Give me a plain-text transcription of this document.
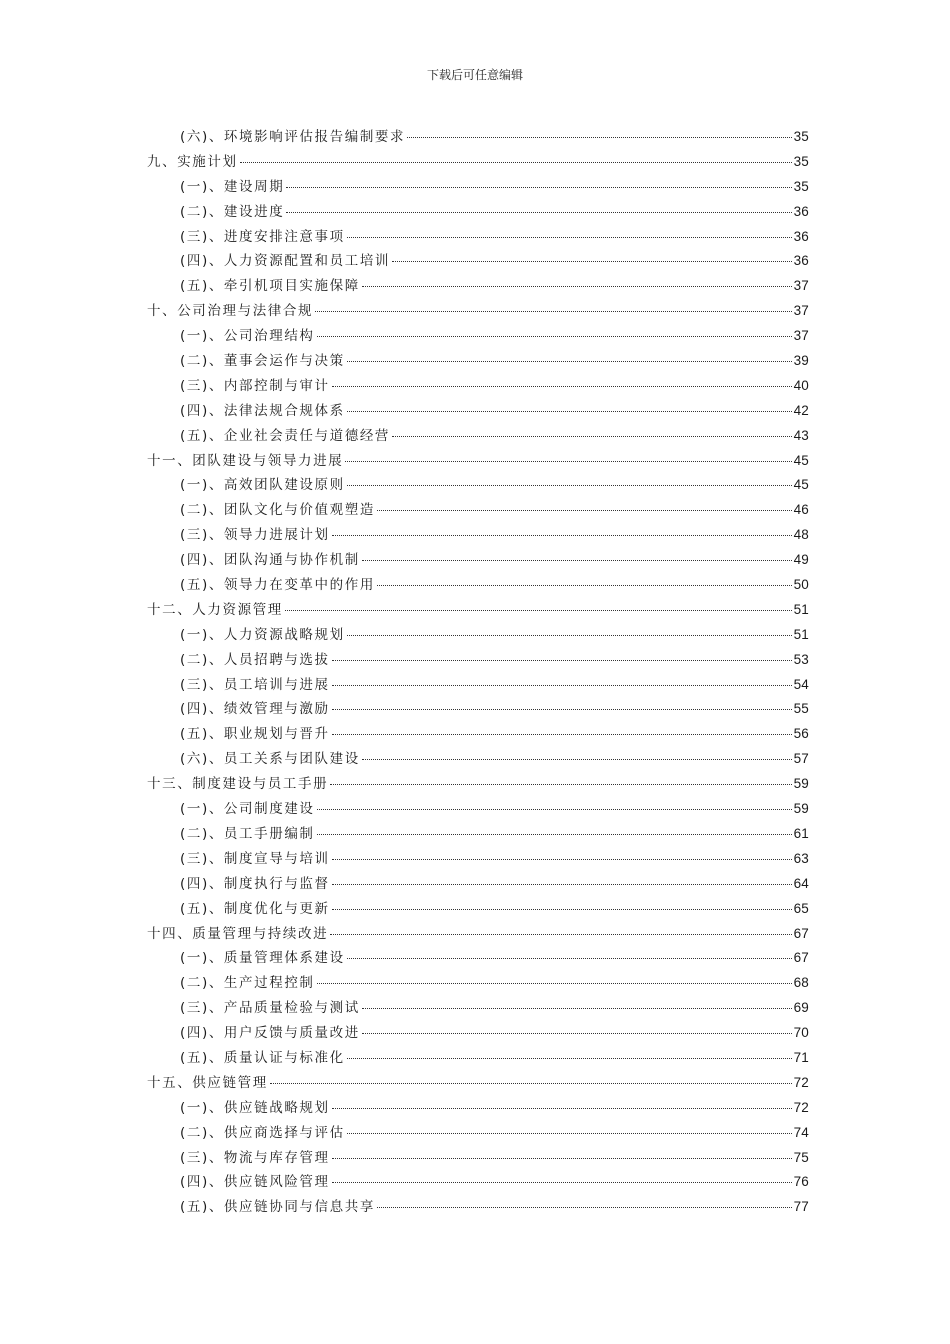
下载后可任意编辑
(六)、环境影响评估报告编制要求	35
九、实施计划	35
(一)、建设周期	35
(二)、建设进度	36
(三)、进度安排注意事项	36
(四)、人力资源配置和员工培训	36
(五)、牵引机项目实施保障	37
十、公司治理与法律合规	37
(一)、公司治理结构	37
(二)、董事会运作与决策	39
(三)、内部控制与审计	40
(四)、法律法规合规体系	42
(五)、企业社会责任与道德经营	43
十一、团队建设与领导力进展	45
(一)、高效团队建设原则	45
(二)、团队文化与价值观塑造	46
(三)、领导力进展计划	48
(四)、团队沟通与协作机制	49
(五)、领导力在变革中的作用	50
十二、人力资源管理	51
(一)、人力资源战略规划	51
(二)、人员招聘与选拔	53
(三)、员工培训与进展	54
(四)、绩效管理与激励	55
(五)、职业规划与晋升	56
(六)、员工关系与团队建设	57
十三、制度建设与员工手册	59
(一)、公司制度建设	59
(二)、员工手册编制	61
(三)、制度宣导与培训	63
(四)、制度执行与监督	64
(五)、制度优化与更新	65
十四、质量管理与持续改进	67
(一)、质量管理体系建设	67
(二)、生产过程控制	68
(三)、产品质量检验与测试	69
(四)、用户反馈与质量改进	70
(五)、质量认证与标准化	71
十五、供应链管理	72
(一)、供应链战略规划	72
(二)、供应商选择与评估	74
(三)、物流与库存管理	75
(四)、供应链风险管理	76
(五)、供应链协同与信息共享	77
